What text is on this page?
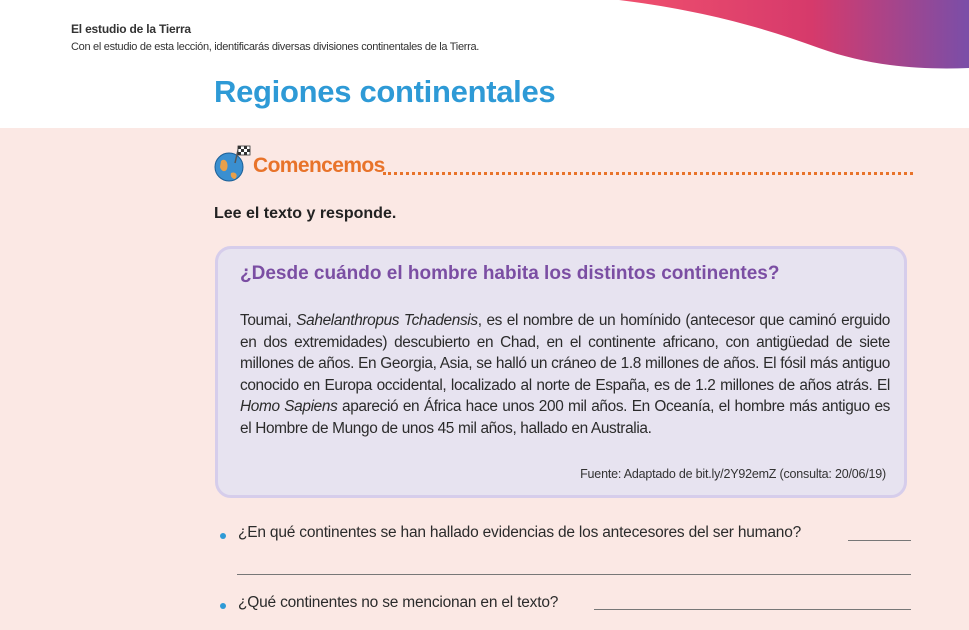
El estudio de la Tierra
Con el estudio de esta lección, identificarás diversas divisiones continentales de la Tierra.
Regiones continentales
Comencemos
Lee el texto y responde.
¿Desde cuándo el hombre habita los distintos continentes?
Toumai, Sahelanthropus Tchadensis, es el nombre de un homínido (antecesor que caminó erguido en dos extremidades) descubierto en Chad, en el continente africano, con antigüedad de siete millones de años. En Georgia, Asia, se halló un cráneo de 1.8 millones de años. El fósil más antiguo conocido en Europa occidental, localizado al norte de España, es de 1.2 millones de años atrás. El Homo Sapiens apareció en África hace unos 200 mil años. En Oceanía, el hombre más antiguo es el Hombre de Mungo de unos 45 mil años, hallado en Australia.
Fuente: Adaptado de bit.ly/2Y92emZ (consulta: 20/06/19)
¿En qué continentes se han hallado evidencias de los antecesores del ser humano?
¿Qué continentes no se mencionan en el texto?
